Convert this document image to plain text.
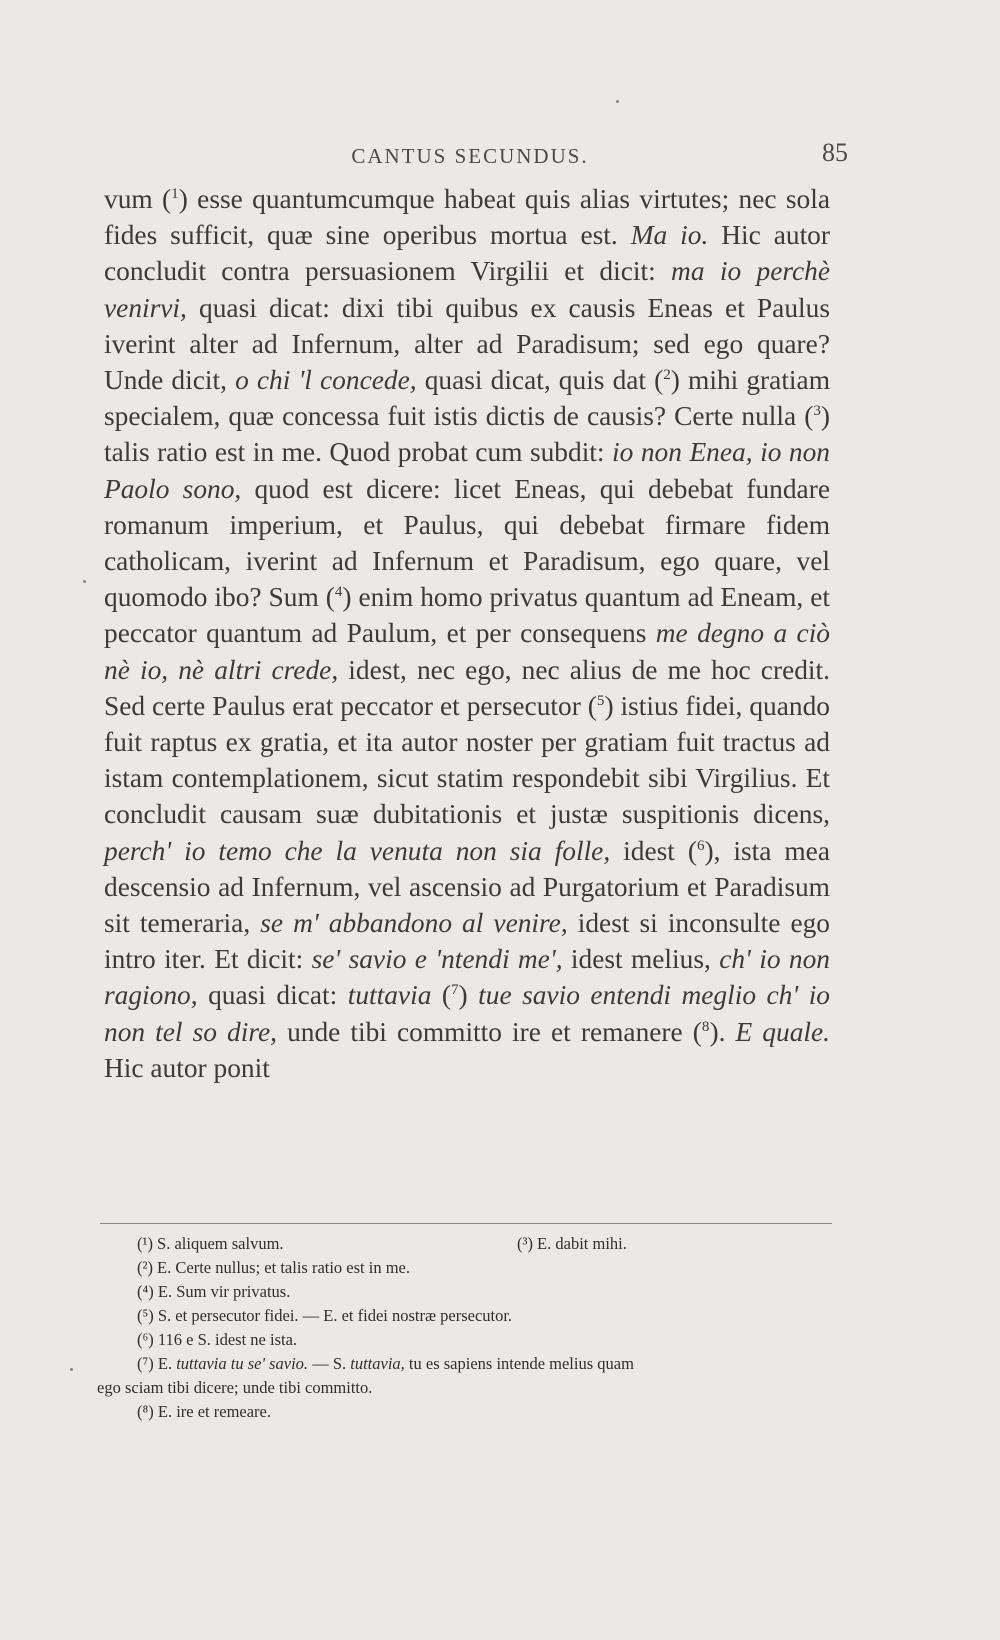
CANTUS SECUNDUS.	85
vum ($^1$) esse quantumcumque habeat quis alias virtutes; nec sola fides sufficit, quæ sine operibus mortua est. Ma io. Hic autor concludit contra persuasionem Virgilii et dicit: ma io perchè venirvi, quasi dicat: dixi tibi quibus ex causis Eneas et Paulus iverint alter ad Infernum, alter ad Paradisum; sed ego quare? Unde dicit, o chi 'l concede, quasi dicat, quis dat ($^2$) mihi gratiam specialem, quæ concessa fuit istis dictis de causis? Certe nulla ($^3$) talis ratio est in me. Quod probat cum subdit: io non Enea, io non Paolo sono, quod est dicere: licet Eneas, qui debebat fundare romanum imperium, et Paulus, qui debebat firmare fidem catholicam, iverint ad Infernum et Paradisum, ego quare, vel quomodo ibo? Sum ($^4$) enim homo privatus quantum ad Eneam, et peccator quantum ad Paulum, et per consequens me degno a ciò nè io, nè altri crede, idest, nec ego, nec alius de me hoc credit. Sed certe Paulus erat peccator et persecutor ($^5$) istius fidei, quando fuit raptus ex gratia, et ita autor noster per gratiam fuit tractus ad istam contemplationem, sicut statim respondebit sibi Virgilius. Et concludit causam suæ dubitationis et justæ suspitionis dicens, perch' io temo che la venuta non sia folle, idest ($^6$), ista mea descensio ad Infernum, vel ascensio ad Purgatorium et Paradisum sit temeraria, se m' abbandono al venire, idest si inconsulte ego intro iter. Et dicit: se' savio e 'ntendi me', idest melius, ch' io non ragiono, quasi dicat: tuttavia ($^7$) tue savio entendi meglio ch' io non tel so dire, unde tibi committo ire et remanere ($^8$). E quale. Hic autor ponit
(¹) S. aliquem salvum.	(³) E. dabit mihi.
(²) E. Certe nullus; et talis ratio est in me.
(⁴) E. Sum vir privatus.
(⁵) S. et persecutor fidei. — E. et fidei nostræ persecutor.
(⁶) 116 e S. idest ne ista.
(⁷) E. tuttavia tu se' savio. — S. tuttavia, tu es sapiens intende melius quam
ego sciam tibi dicere; unde tibi committo.
(⁸) E. ire et remeare.
